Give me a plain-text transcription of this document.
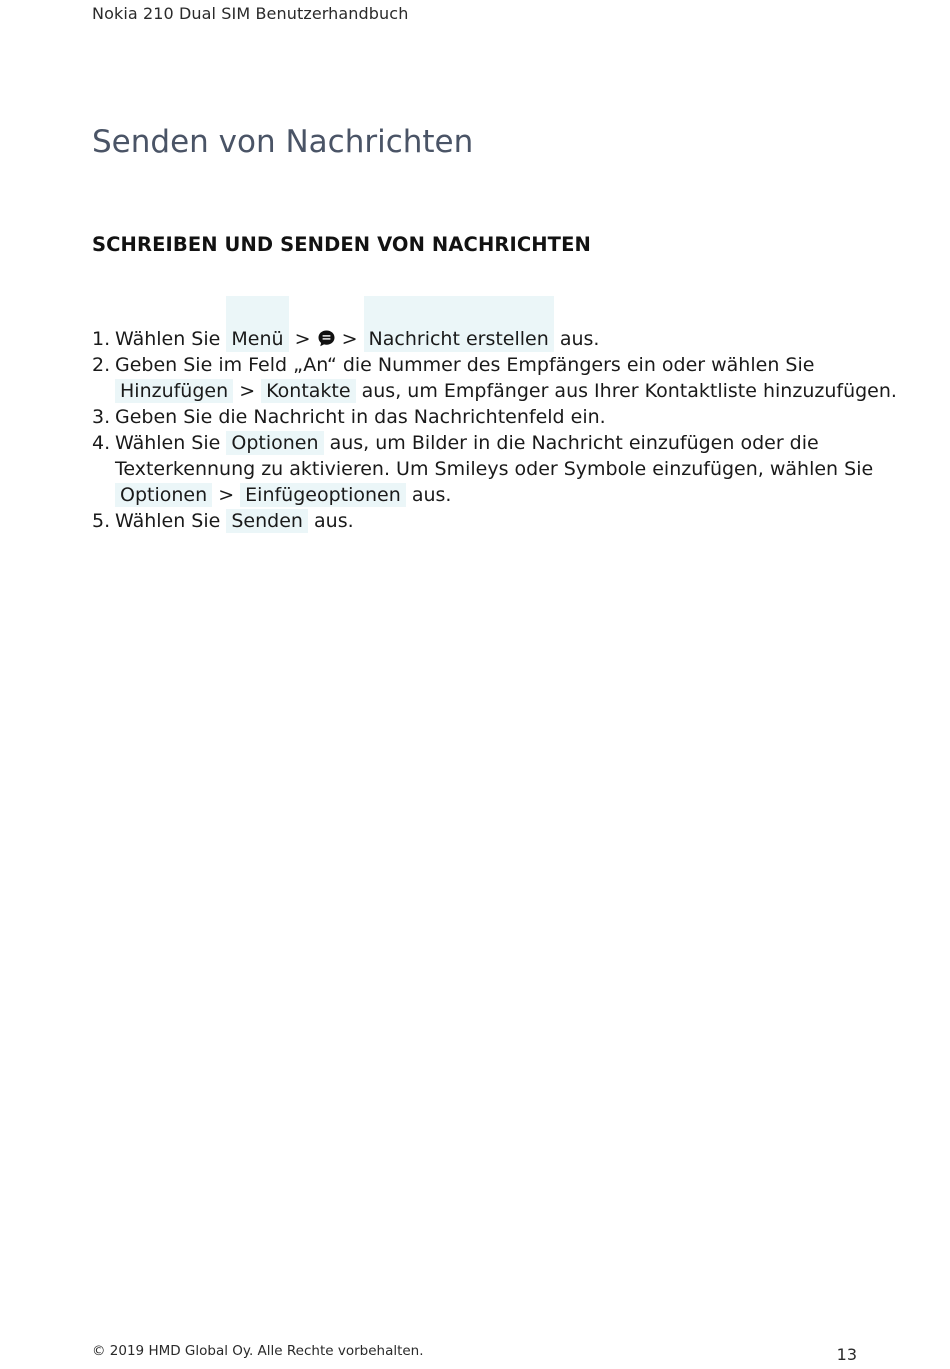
Nokia 210 Dual SIM Benutzerhandbuch
Senden von Nachrichten
SCHREIBEN UND SENDEN VON NACHRICHTEN
1. Wählen Sie Menü >  > Nachricht erstellen aus.
2. Geben Sie im Feld „An“ die Nummer des Empfängers ein oder wählen Sie
Hinzufügen > Kontakte aus, um Empfänger aus Ihrer Kontaktliste hinzuzufügen.
3. Geben Sie die Nachricht in das Nachrichtenfeld ein.
4. Wählen Sie Optionen aus, um Bilder in die Nachricht einzufügen oder die
Texterkennung zu aktivieren. Um Smileys oder Symbole einzufügen, wählen Sie
Optionen > Einfügeoptionen aus.
5. Wählen Sie Senden aus.
© 2019 HMD Global Oy. Alle Rechte vorbehalten.	13
